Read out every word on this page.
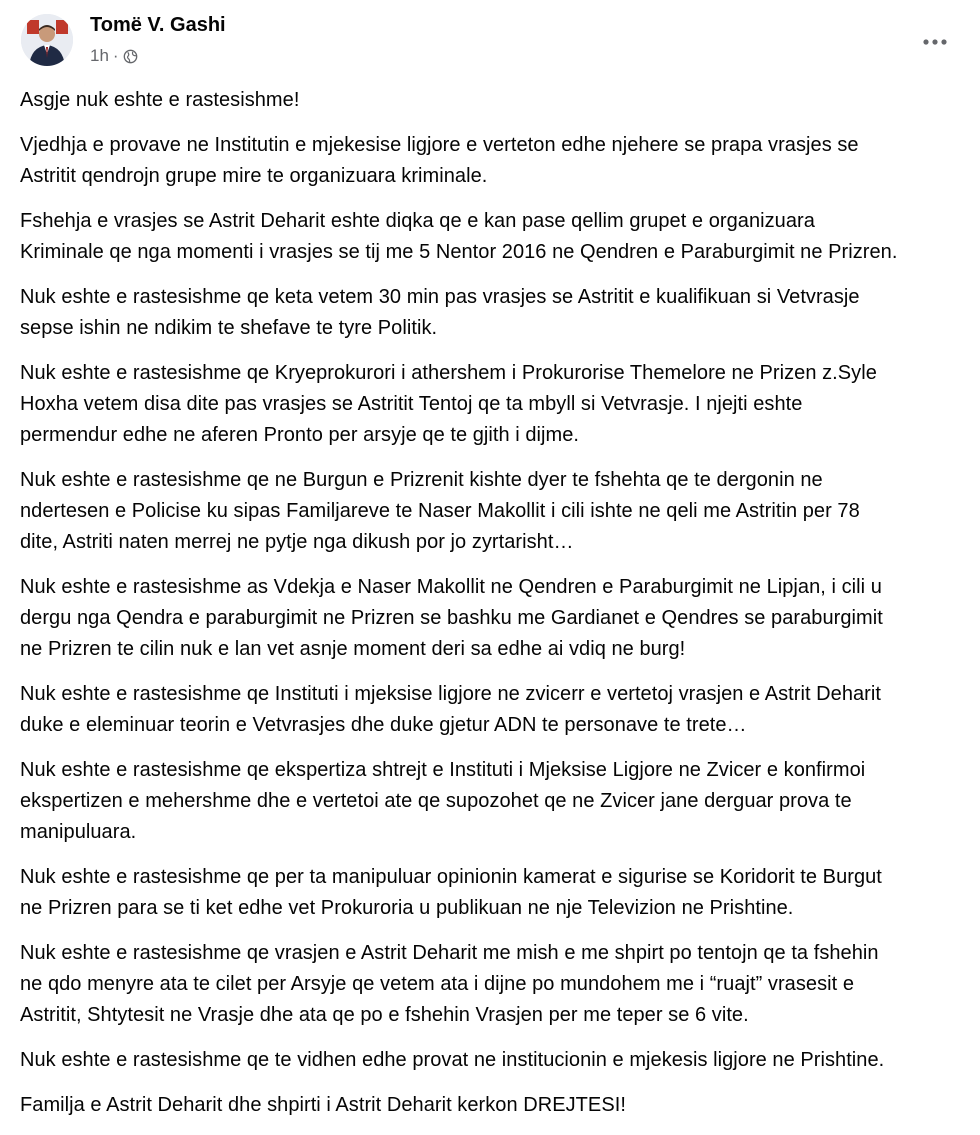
Tomë V. Gashi
1h ·

Asgje nuk eshte e rastesishme!

Vjedhja e provave ne Institutin e mjekesise ligjore e verteton edhe njehere se prapa vrasjes se
Astritit qendrojn grupe mire te organizuara kriminale.

Fshehja e vrasjes se Astrit Deharit eshte diqka qe e kan pase qellim grupet e organizuara
Kriminale qe nga momenti i vrasjes se tij me 5 Nentor 2016 ne Qendren e Paraburgimit ne Prizren.

Nuk eshte e rastesishme qe keta vetem 30 min pas vrasjes se Astritit e kualifikuan si Vetvrasje
sepse ishin ne ndikim te shefave te tyre Politik.

Nuk eshte e rastesishme qe Kryeprokurori i athershem i Prokurorise Themelore ne Prizen z.Syle
Hoxha vetem disa dite pas vrasjes se Astritit Tentoj qe ta mbyll si Vetvrasje. I njejti eshte
permendur edhe ne aferen Pronto per arsyje qe te gjith i dijme.

Nuk eshte e rastesishme qe ne Burgun e Prizrenit kishte dyer te fshehta qe te dergonin ne
ndertesen e Policise ku sipas Familjareve te Naser Makollit i cili ishte ne qeli me Astritin per 78
dite, Astriti naten merrej ne pytje nga dikush por jo zyrtarisht…

Nuk eshte e rastesishme as Vdekja e Naser Makollit ne Qendren e Paraburgimit ne Lipjan, i cili u
dergu nga Qendra e paraburgimit ne Prizren se bashku me Gardianet e Qendres se paraburgimit
ne Prizren te cilin nuk e lan vet asnje moment deri sa edhe ai vdiq ne burg!

Nuk eshte e rastesishme qe Instituti i mjeksise ligjore ne zvicerr e vertetoj vrasjen e Astrit Deharit
duke e eleminuar teorin e Vetvrasjes dhe duke gjetur ADN te personave te trete…

Nuk eshte e rastesishme qe ekspertiza shtrejt e Instituti i Mjeksise Ligjore ne Zvicer e konfirmoi
ekspertizen e mehershme dhe e vertetoi ate qe supozohet qe ne Zvicer jane derguar prova te
manipuluara.

Nuk eshte e rastesishme qe per ta manipuluar opinionin kamerat e sigurise se Koridorit te Burgut
ne Prizren para se ti ket edhe vet Prokuroria u publikuan ne nje Televizion ne Prishtine.

Nuk eshte e rastesishme qe vrasjen e Astrit Deharit me mish e me shpirt po tentojn qe ta fshehin
ne qdo menyre ata te cilet per Arsyje qe vetem ata i dijne po mundohem me i “ruajt” vrasesit e
Astritit, Shtytesit ne Vrasje dhe ata qe po e fshehin Vrasjen per me teper se 6 vite.

Nuk eshte e rastesishme qe te vidhen edhe provat ne institucionin e mjekesis ligjore ne Prishtine.

Familja e Astrit Deharit dhe shpirti i Astrit Deharit kerkon DREJTESI!
